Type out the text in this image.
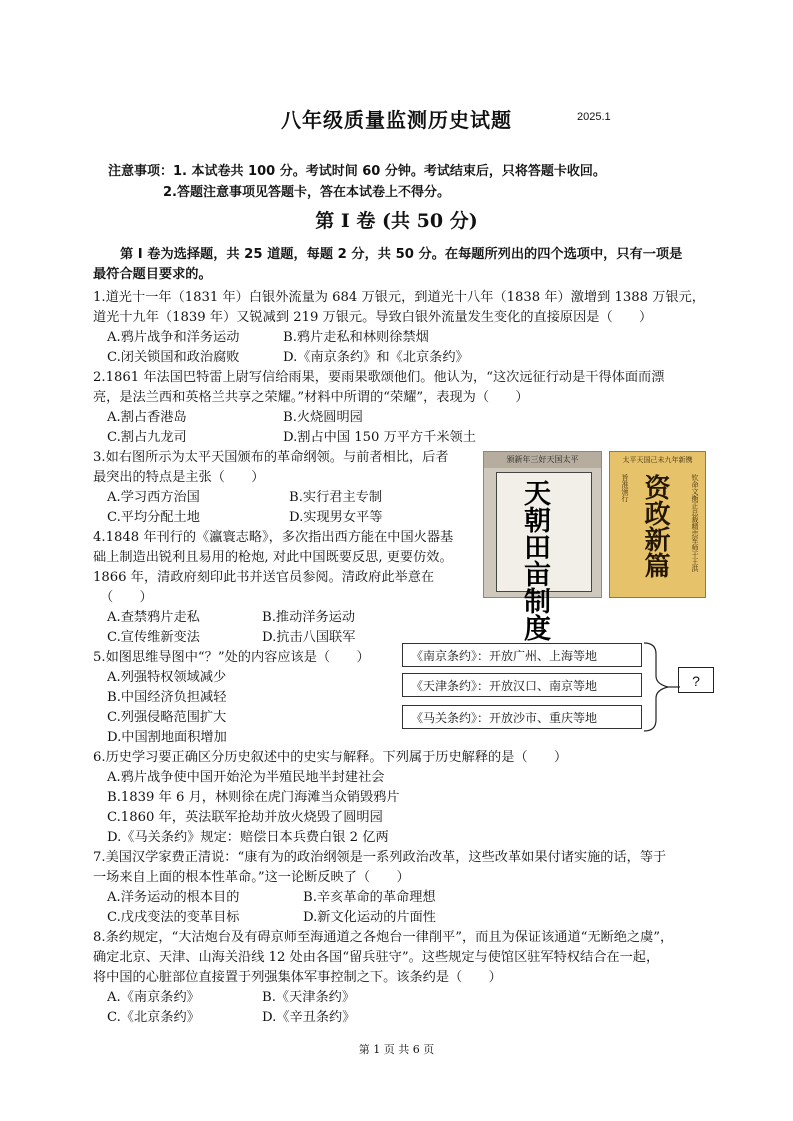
八年级质量监测历史试题	2025.1
注意事项：1. 本试卷共 100 分。考试时间 60 分钟。考试结束后，只将答题卡收回。
2.答题注意事项见答题卡，答在本试卷上不得分。
第 I 卷 (共 50 分)
第 I 卷为选择题，共 25 道题，每题 2 分，共 50 分。在每题所列出的四个选项中，只有一项是
最符合题目要求的。
1.道光十一年（1831 年）白银外流量为 684 万银元，到道光十八年（1838 年）激增到 1388 万银元，
道光十九年（1839 年）又锐减到 219 万银元。导致白银外流量发生变化的直接原因是（　　）
A.鸦片战争和洋务运动	B.鸦片走私和林则徐禁烟
C.闭关锁国和政治腐败	D.《南京条约》和《北京条约》
2.1861 年法国巴特雷上尉写信给雨果，要雨果歌颂他们。他认为，“这次远征行动是干得体面而漂
亮，是法兰西和英格兰共享之荣耀。”材料中所谓的“荣耀”，表现为（　　）
A.割占香港岛	B.火烧圆明园
C.割占九龙司	D.割占中国 150 万平方千米领土
3.如右图所示为太平天国颁布的革命纲领。与前者相比，后者
最突出的特点是主张（　　）
A.学习西方治国	B.实行君主专制
C.平均分配土地	D.实现男女平等
4.1848 年刊行的《瀛寰志略》，多次指出西方能在中国火器基
础上制造出锐利且易用的枪炮, 对此中国既要反思, 更要仿效。
1866 年，清政府刻印此书并送官员参阅。清政府此举意在
（　　）
A.查禁鸦片走私	B.推动洋务运动
C.宣传维新变法	D.抗击八国联军
5.如图思维导图中“？”处的内容应该是（　　）
A.列强特权领域减少
B.中国经济负担减轻
C.列强侵略范围扩大
D.中国割地面积增加
6.历史学习要正确区分历史叙述中的史实与解释。下列属于历史解释的是（　　）
A.鸦片战争使中国开始沦为半殖民地半封建社会
B.1839 年 6 月，林则徐在虎门海滩当众销毁鸦片
C.1860 年，英法联军抢劫并放火烧毁了圆明园
D.《马关条约》规定：赔偿日本兵费白银 2 亿两
7.美国汉学家费正清说：“康有为的政治纲领是一系列政治改革，这些改革如果付诸实施的话，等于
一场来自上面的根本性革命。”这一论断反映了（　　）
A.洋务运动的根本目的	B.辛亥革命的革命理想
C.戊戌变法的变革目标	D.新文化运动的片面性
8.条约规定，“大沽炮台及有碍京师至海通道之各炮台一律削平”，而且为保证该通道“无断绝之虞”，
确定北京、天津、山海关沿线 12 处由各国“留兵驻守”。这些规定与使馆区驻军特权结合在一起，
将中国的心脏部位直接置于列强集体军事控制之下。该条约是（　　）
A.《南京条约》	B.《天津条约》
C.《北京条约》	D.《辛丑条约》
颁新年三好天国太平
天朝田亩制度
太平天国己未九年新镌
旨准颁行 资政新篇	钦命文衡正总裁精忠军师干王洪
《南京条约》：开放广州、上海等地
《天津条约》：开放汉口、南京等地
《马关条约》：开放沙市、重庆等地
?
第 1 页 共 6 页
